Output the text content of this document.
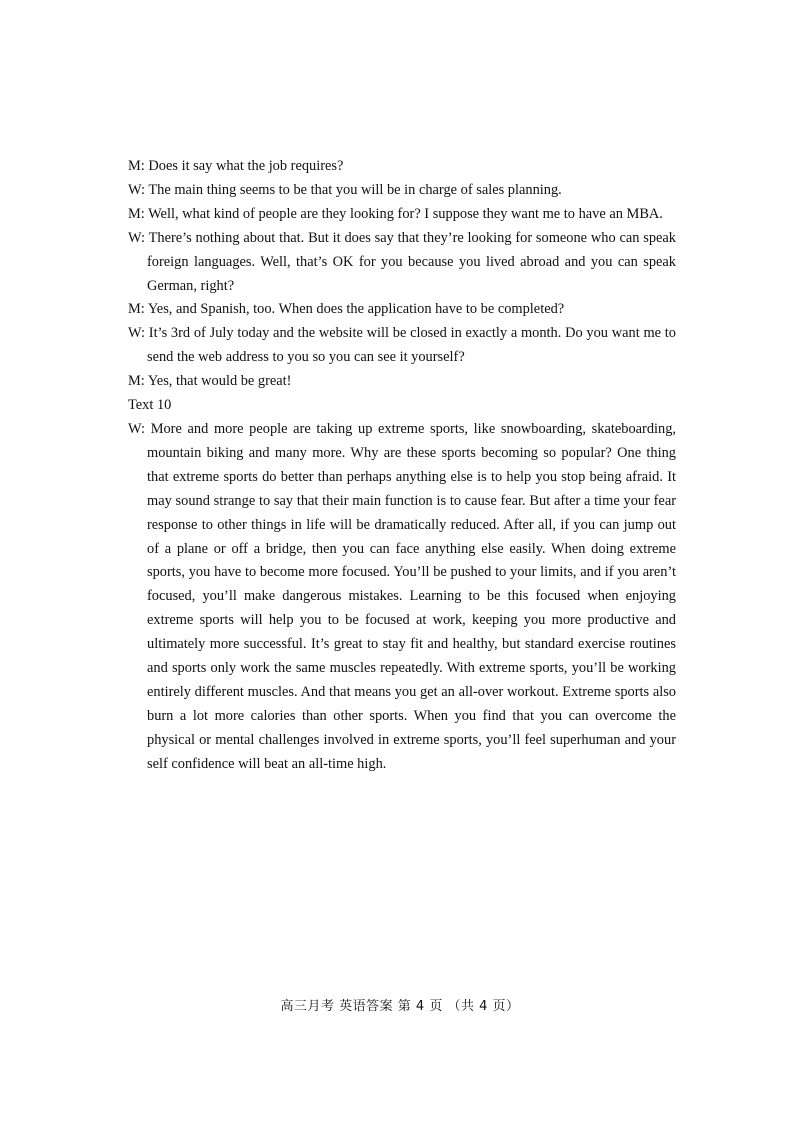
M: Does it say what the job requires?

W: The main thing seems to be that you will be in charge of sales planning.

M: Well, what kind of people are they looking for? I suppose they want me to have an MBA.

W: There’s nothing about that. But it does say that they’re looking for someone who can speak foreign languages. Well, that’s OK for you because you lived abroad and you can speak German, right?

M: Yes, and Spanish, too. When does the application have to be completed?

W: It’s 3rd of July today and the website will be closed in exactly a month. Do you want me to send the web address to you so you can see it yourself?

M: Yes, that would be great!

Text 10

W: More and more people are taking up extreme sports, like snowboarding, skateboarding, mountain biking and many more. Why are these sports becoming so popular? One thing that extreme sports do better than perhaps anything else is to help you stop being afraid. It may sound strange to say that their main function is to cause fear. But after a time your fear response to other things in life will be dramatically reduced. After all, if you can jump out of a plane or off a bridge, then you can face anything else easily. When doing extreme sports, you have to become more focused. You’ll be pushed to your limits, and if you aren’t focused, you’ll make dangerous mistakes. Learning to be this focused when enjoying extreme sports will help you to be focused at work, keeping you more productive and ultimately more successful. It’s great to stay fit and healthy, but standard exercise routines and sports only work the same muscles repeatedly. With extreme sports, you’ll be working entirely different muscles. And that means you get an all-over workout. Extreme sports also burn a lot more calories than other sports. When you find that you can overcome the physical or mental challenges involved in extreme sports, you’ll feel superhuman and your self confidence will beat an all-time high.

高三月考 英语答案 第 4 页 （共 4 页）
